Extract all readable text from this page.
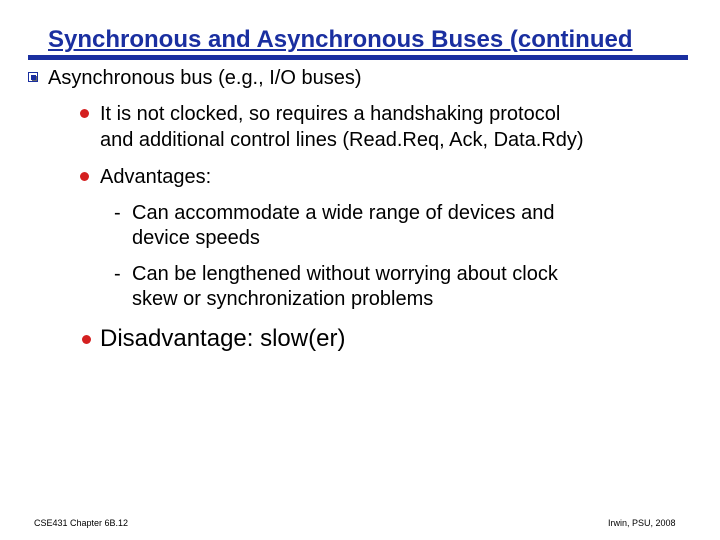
Synchronous and Asynchronous Buses (continued
Asynchronous bus (e.g., I/O buses)
It is not clocked, so requires a handshaking protocol
and additional control lines (Read.Req, Ack, Data.Rdy)
Advantages:
- Can accommodate a wide range of devices and
device speeds
- Can be lengthened without worrying about clock
skew or synchronization problems
Disadvantage: slow(er)
CSE431 Chapter 6B.12	Irwin, PSU, 2008
